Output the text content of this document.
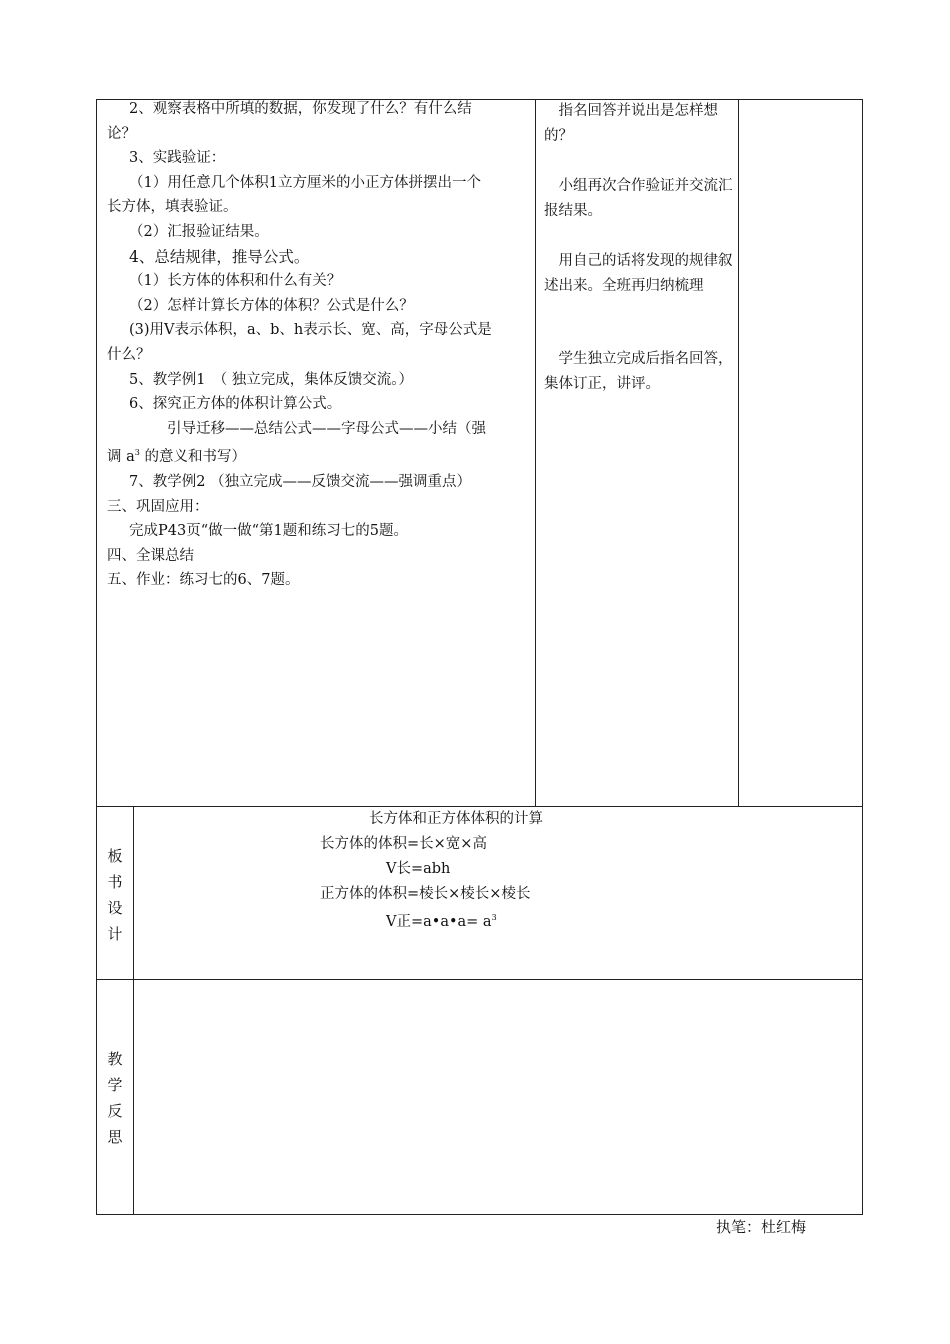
2、观察表格中所填的数据，你发现了什么？有什么结

论？

3、实践验证：

（1）用任意几个体积1立方厘米的小正方体拼摆出一个

长方体，填表验证。

（2）汇报验证结果。

4、总结规律，推导公式。

（1）长方体的体积和什么有关？

（2）怎样计算长方体的体积？公式是什么？

(3)用V表示体积，a、b、h表示长、宽、高，字母公式是

什么？

5、教学例1　（ 独立完成，集体反馈交流。）

6、探究正方体的体积计算公式。

引导迁移——总结公式——字母公式——小结（强

调 $a^3$ 的意义和书写）

7、教学例2 （独立完成——反馈交流——强调重点）

三、巩固应用：

完成P43页“做一做“第1题和练习七的5题。

四、全课总结

五、作业：练习七的6、7题。

　指名回答并说出是怎样想的？

　小组再次合作验证并交流汇报结果。

　用自己的话将发现的规律叙述出来。全班再归纳梳理

　学生独立完成后指名回答，集体订正，讲评。

板
书
设
计
长方体和正方体体积的计算
长方体的体积=长×宽×高
V长=abh
正方体的体积=棱长×棱长×棱长
V正=a•a•a= $a^3$
教
学
反
思
执笔：杜红梅
